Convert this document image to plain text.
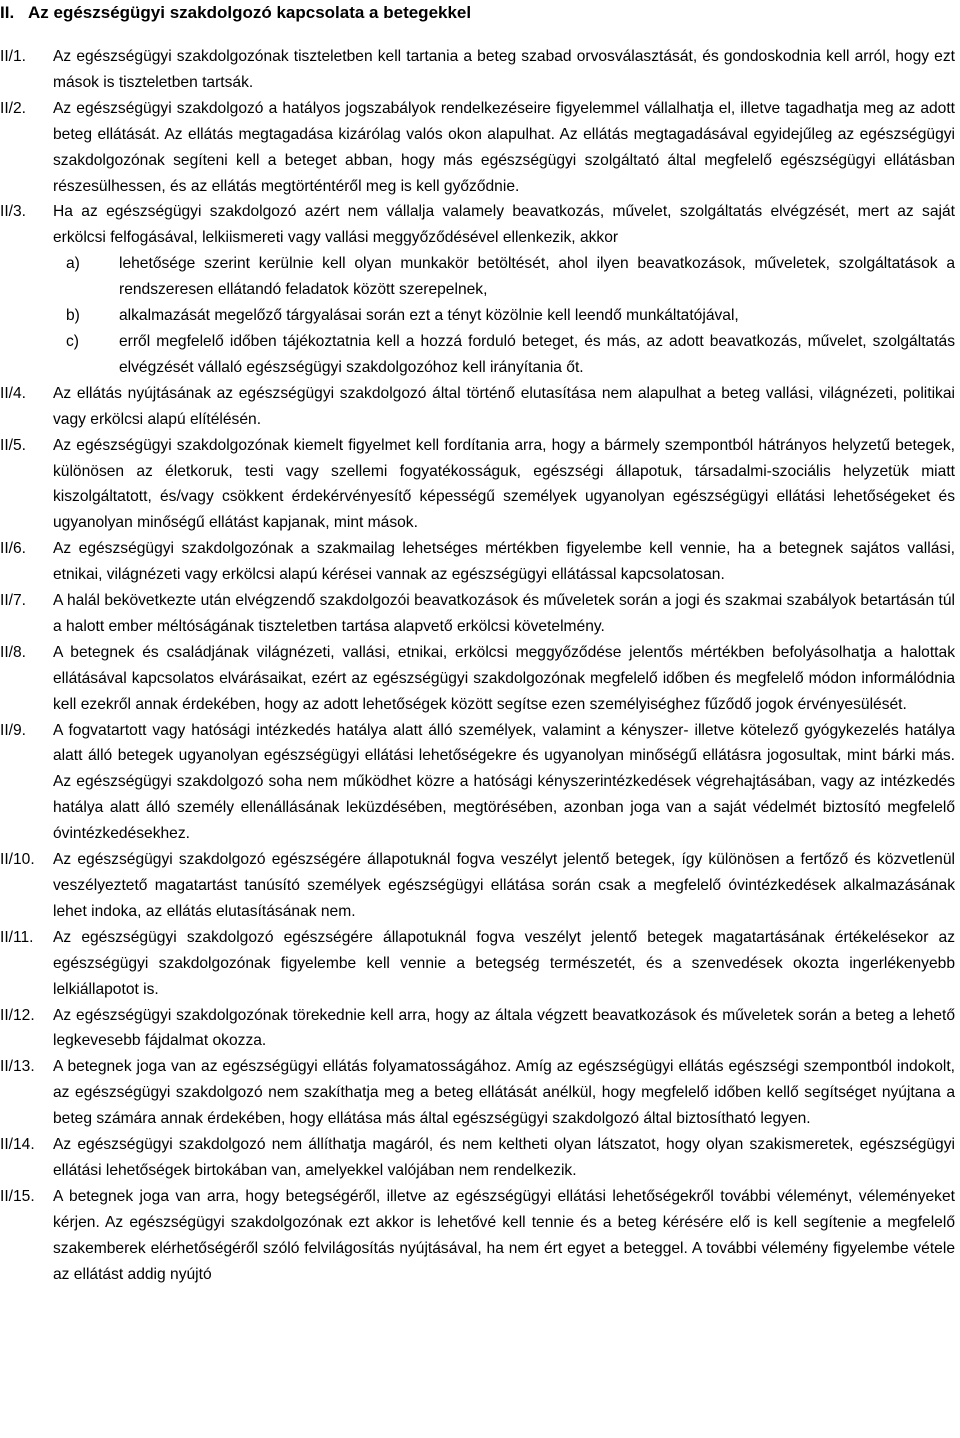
II. Az egészségügyi szakdolgozó kapcsolata a betegekkel
II/1.	Az egészségügyi szakdolgozónak tiszteletben kell tartania a beteg szabad orvosválasztását, és gondoskodnia kell arról, hogy ezt mások is tiszteletben tartsák.

II/2.	Az egészségügyi szakdolgozó a hatályos jogszabályok rendelkezéseire figyelemmel vállalhatja el, illetve tagadhatja meg az adott beteg ellátását. Az ellátás megtagadása kizárólag valós okon alapulhat. Az ellátás megtagadásával egyidejűleg az egészségügyi szakdolgozónak segíteni kell a beteget abban, hogy más egészségügyi szolgáltató által megfelelő egészségügyi ellátásban részesülhessen, és az ellátás megtörténtéről meg is kell győződnie.

II/3.	Ha az egészségügyi szakdolgozó azért nem vállalja valamely beavatkozás, művelet, szolgáltatás elvégzését, mert az saját erkölcsi felfogásával, lelkiismereti vagy vallási meggyőződésével ellenkezik, akkor

a)	lehetősége szerint kerülnie kell olyan munkakör betöltését, ahol ilyen beavatkozások, műveletek, szolgáltatások a rendszeresen ellátandó feladatok között szerepelnek,
b)	alkalmazását megelőző tárgyalásai során ezt a tényt közölnie kell leendő munkáltatójával,
c)	erről megfelelő időben tájékoztatnia kell a hozzá forduló beteget, és más, az adott beavatkozás, művelet, szolgáltatás elvégzését vállaló egészségügyi szakdolgozóhoz kell irányítania őt.
II/4.	Az ellátás nyújtásának az egészségügyi szakdolgozó által történő elutasítása nem alapulhat a beteg vallási, világnézeti, politikai vagy erkölcsi alapú elítélésén.

II/5.	Az egészségügyi szakdolgozónak kiemelt figyelmet kell fordítania arra, hogy a bármely szempontból hátrányos helyzetű betegek, különösen az életkoruk, testi vagy szellemi fogyatékosságuk, egészségi állapotuk, társadalmi-szociális helyzetük miatt kiszolgáltatott, és/vagy csökkent érdekérvényesítő képességű személyek ugyanolyan egészségügyi ellátási lehetőségeket és ugyanolyan minőségű ellátást kapjanak, mint mások.

II/6.	Az egészségügyi szakdolgozónak a szakmailag lehetséges mértékben figyelembe kell vennie, ha a betegnek sajátos vallási, etnikai, világnézeti vagy erkölcsi alapú kérései vannak az egészségügyi ellátással kapcsolatosan.

II/7.	A halál bekövetkezte után elvégzendő szakdolgozói beavatkozások és műveletek során a jogi és szakmai szabályok betartásán túl a halott ember méltóságának tiszteletben tartása alapvető erkölcsi követelmény.

II/8.	A betegnek és családjának világnézeti, vallási, etnikai, erkölcsi meggyőződése jelentős mértékben befolyásolhatja a halottak ellátásával kapcsolatos elvárásaikat, ezért az egészségügyi szakdolgozónak megfelelő időben és megfelelő módon informálódnia kell ezekről annak érdekében, hogy az adott lehetőségek között segítse ezen személyiséghez fűződő jogok érvényesülését.

II/9.	A fogvatartott vagy hatósági intézkedés hatálya alatt álló személyek, valamint a kényszer- illetve kötelező gyógykezelés hatálya alatt álló betegek ugyanolyan egészségügyi ellátási lehetőségekre és ugyanolyan minőségű ellátásra jogosultak, mint bárki más. Az egészségügyi szakdolgozó soha nem működhet közre a hatósági kényszerintézkedések végrehajtásában, vagy az intézkedés hatálya alatt álló személy ellenállásának leküzdésében, megtörésében, azonban joga van a saját védelmét biztosító megfelelő óvintézkedésekhez.

II/10.	Az egészségügyi szakdolgozó egészségére állapotuknál fogva veszélyt jelentő betegek, így különösen a fertőző és közvetlenül veszélyeztető magatartást tanúsító személyek egészségügyi ellátása során csak a megfelelő óvintézkedések alkalmazásának lehet indoka, az ellátás elutasításának nem.

II/11.	Az egészségügyi szakdolgozó egészségére állapotuknál fogva veszélyt jelentő betegek magatartásának értékelésekor az egészségügyi szakdolgozónak figyelembe kell vennie a betegség természetét, és a szenvedések okozta ingerlékenyebb lelkiállapotot is.

II/12.	Az egészségügyi szakdolgozónak törekednie kell arra, hogy az általa végzett beavatkozások és műveletek során a beteg a lehető legkevesebb fájdalmat okozza.

II/13.	A betegnek joga van az egészségügyi ellátás folyamatosságához. Amíg az egészségügyi ellátás egészségi szempontból indokolt, az egészségügyi szakdolgozó nem szakíthatja meg a beteg ellátását anélkül, hogy megfelelő időben kellő segítséget nyújtana a beteg számára annak érdekében, hogy ellátása más által egészségügyi szakdolgozó által biztosítható legyen.

II/14.	Az egészségügyi szakdolgozó nem állíthatja magáról, és nem keltheti olyan látszatot, hogy olyan szakismeretek, egészségügyi ellátási lehetőségek birtokában van, amelyekkel valójában nem rendelkezik.

II/15.	A betegnek joga van arra, hogy betegségéről, illetve az egészségügyi ellátási lehetőségekről további véleményt, véleményeket kérjen. Az egészségügyi szakdolgozónak ezt akkor is lehetővé kell tennie és a beteg kérésére elő is kell segítenie a megfelelő szakemberek elérhetőségéről szóló felvilágosítás nyújtásával, ha nem ért egyet a beteggel. A további vélemény figyelembe vétele az ellátást addig nyújtó
